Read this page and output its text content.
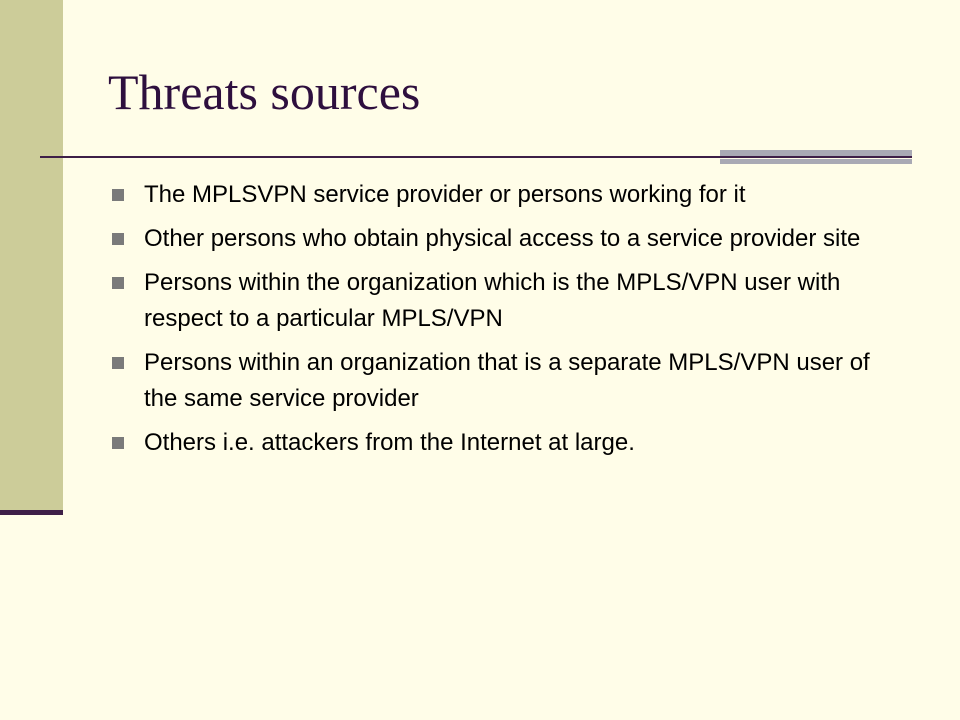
Threats sources
The MPLSVPN service provider or persons working for it
Other persons who obtain physical access to a service provider site
Persons within the organization which is the MPLS/VPN user with respect to a particular MPLS/VPN
Persons within an organization that is a separate MPLS/VPN user of the same service provider
Others i.e. attackers from the Internet at large.
